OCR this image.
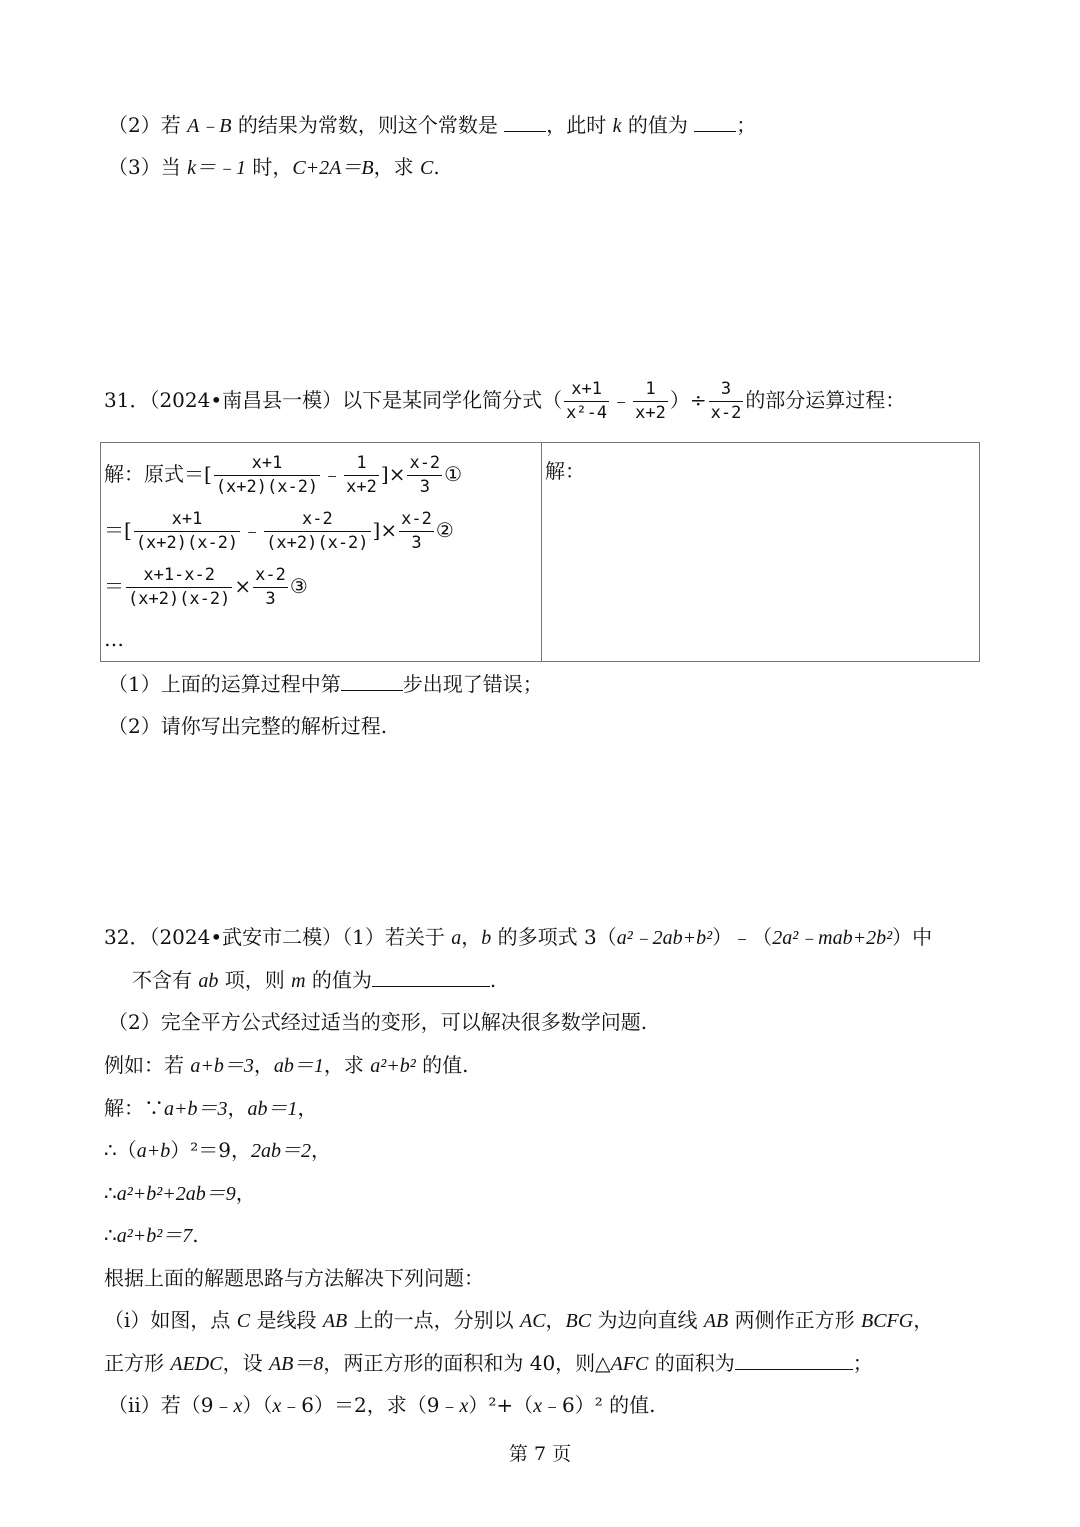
（2）若 A﹣B 的结果为常数，则这个常数是 ，此时 k 的值为 ；
（3）当 k＝﹣1 时，C+2A＝B，求 C.
31．（2024•南昌县一模）以下是某同学化简分式（ $\frac{x+1}{\text{x²-4}}$ ﹣ $\frac{1}{x+2}$ ）÷ $\frac{3}{x-2}$ 的部分运算过程：
解：原式＝[ $\frac{x+1}{(x+2)(x-2)}$ ﹣ $\frac{1}{x+2}$ ]× $\frac{x-2}{3}$ ①
＝[ $\frac{x+1}{(x+2)(x-2)}$ ﹣ $\frac{x-2}{(x+2)(x-2)}$ ]× $\frac{x-2}{3}$ ②
＝ $\frac{x+1-x-2}{(x+2)(x-2)} \times \frac{x-2}{3}$ ③
…
解：
（1）上面的运算过程中第	步出现了错误；
（2）请你写出完整的解析过程.
32．（2024•武安市二模）（1）若关于 a，b 的多项式 3（a²﹣2ab+b²）﹣（2a²﹣mab+2b²）中
不含有 ab 项，则 m 的值为	.
（2）完全平方公式经过适当的变形，可以解决很多数学问题.
例如：若 a+b＝3，ab＝1，求 a²+b² 的值.
解：∵a+b＝3，ab＝1，
∴（a+b）²＝9，2ab＝2，
∴a²+b²+2ab＝9，
∴a²+b²＝7.
根据上面的解题思路与方法解决下列问题：
（i）如图，点 C 是线段 AB 上的一点，分别以 AC，BC 为边向直线 AB 两侧作正方形 BCFG，
正方形 AEDC，设 AB＝8，两正方形的面积和为 40，则△AFC 的面积为	；
（ii）若（9﹣x）（x﹣6）＝2，求（9﹣x）²+（x﹣6）² 的值.
第 7 页
